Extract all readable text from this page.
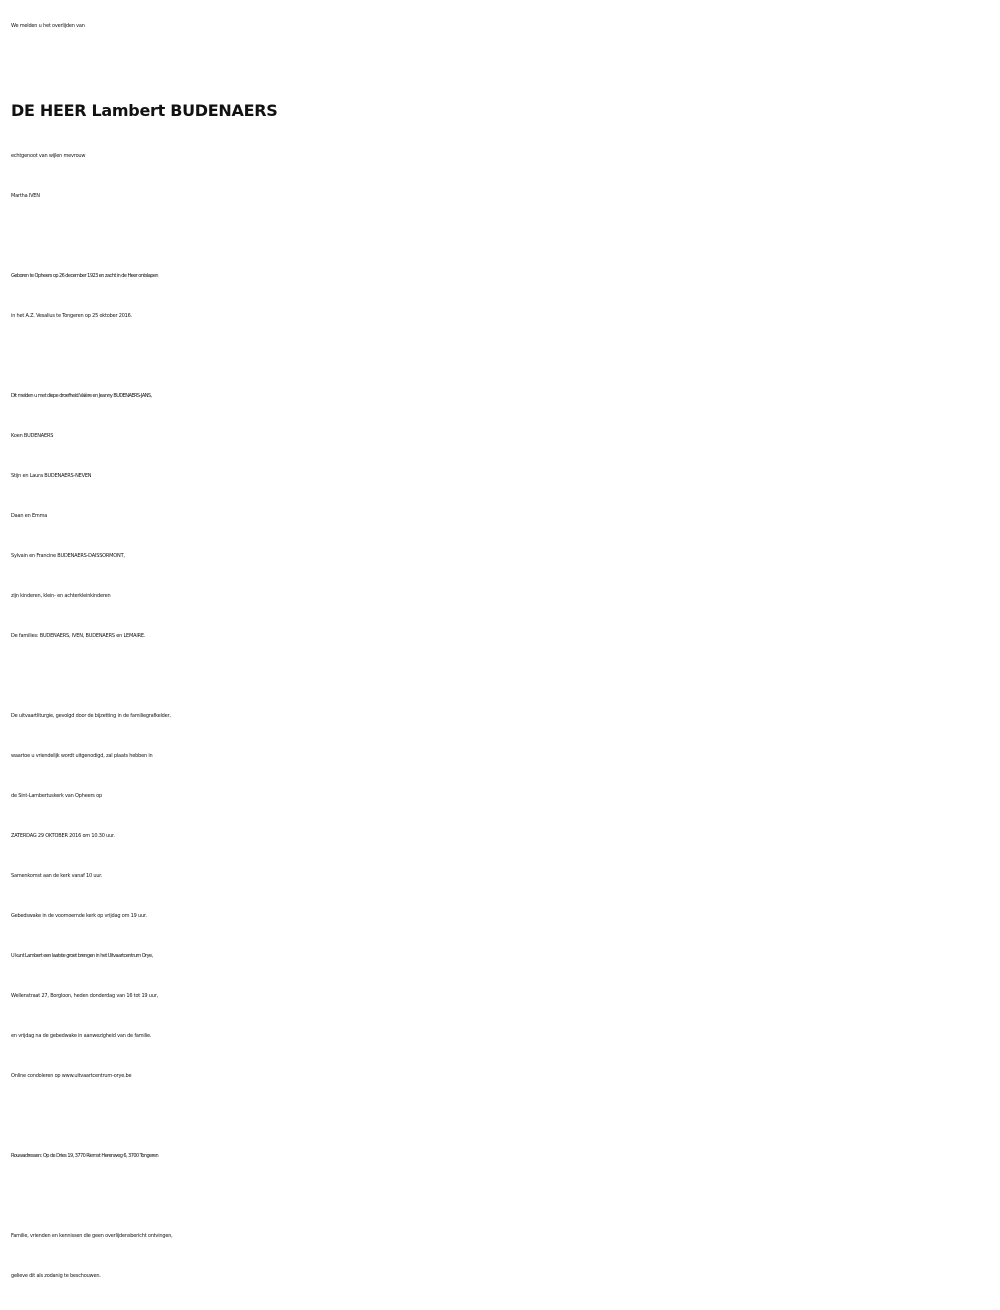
We melden u het overlijden van
DE HEER Lambert BUDENAERS
echtgenoot van wijlen mevrouw
Martha IVEN
Geboren te Opheers op 26 december 1923 en zacht in de Heer ontslapen
in het A.Z. Vesalius te Tongeren op 25 oktober 2016.
Dit melden u met diepe droefheid:Valère en Jeanny BUDENAERS-JANS,
Koen BUDENAERS
Stijn en Laura BUDENAERS-NEVEN
Daan en Emma
Sylvain en Francine BUDENAERS-DAISSORMONT,
zijn kinderen, klein- en achterkleinkinderen
De families: BUDENAERS, IVEN, BUDENAERS en LEMAIRE.
De uitvaartliturgie, gevolgd door de bijzetting in de familiegrafkelder,
waartoe u vriendelijk wordt uitgenodigd, zal plaats hebben in
de Sint-Lambertuskerk van Opheers op
ZATERDAG 29 OKTOBER 2016 om 10.30 uur.
Samenkomst aan de kerk vanaf 10 uur.
Gebedswake in de voornoemde kerk op vrijdag om 19 uur.
U kunt Lambert een laatste groet brengen in het Uitvaartcentrum Orye,
Wellenstraat 27, Borgloon, heden donderdag van 16 tot 19 uur,
en vrijdag na de gebedwake in aanwezigheid van de familie.
Online condoleren op www.uitvaartcentrum-orye.be
Rouwadressen: Op de Dries 19, 3770 Riemst Herenweg 6, 3700 Tongeren
Familie, vrienden en kennissen die geen overlijdensbericht ontvingen,
gelieve dit als zodanig te beschouwen.
